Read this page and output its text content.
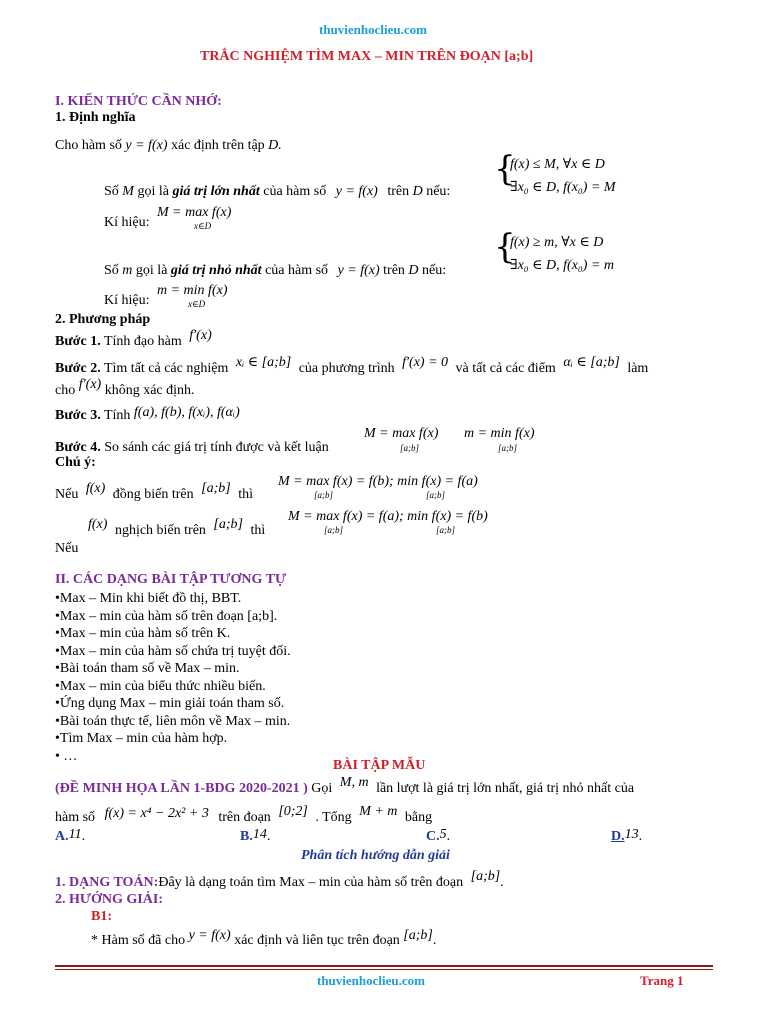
thuvienhoclieu.com
TRẮC NGHIỆM TÌM MAX – MIN TRÊN ĐOẠN [a;b]
I. KIẾN THỨC CẦN NHỚ:
1. Định nghĩa
Cho hàm số y = f(x) xác định trên tập D.
{
f(x) ≤ M, ∀x ∈ D
∃x₀ ∈ D, f(x₀) = M
Số M gọi là giá trị lớn nhất của hàm số y = f(x) trên D nếu:
Kí hiệu:
M = max f(x)
x∈D
{
f(x) ≥ m, ∀x ∈ D
∃x₀ ∈ D, f(x₀) = m
Số m gọi là giá trị nhỏ nhất của hàm số y = f(x) trên D nếu:
Kí hiệu:
m = min f(x)
x∈D
2. Phương pháp
Bước 1. Tính đạo hàm f′(x)
Bước 2. Tìm tất cả các nghiệm xᵢ ∈ [a;b] của phương trình f′(x) = 0 và tất cả các điểm αᵢ ∈ [a;b] làm
cho f′(x) không xác định.
Bước 3. Tính f(a), f(b), f(xᵢ), f(αᵢ)
Bước 4. So sánh các giá trị tính được và kết luận
M = max f(x)
[a;b]
m = min f(x)
[a;b]
Chú ý:
Nếu f(x) đồng biến trên [a;b] thì
M = max f(x) = f(b); min f(x) = f(a)
[a;b]	[a;b]
f(x) nghịch biến trên [a;b] thì
M = max f(x) = f(a); min f(x) = f(b)
[a;b]	[a;b]
Nếu
II. CÁC DẠNG BÀI TẬP TƯƠNG TỰ
•Max – Min khi biết đồ thị, BBT.
•Max – min của hàm số trên đoạn [a;b].
•Max – min của hàm số trên K.
•Max – min của hàm số chứa trị tuyệt đối.
•Bài toán tham số về Max – min.
•Max – min của biểu thức nhiều biến.
•Ứng dụng Max – min giải toán tham số.
•Bài toán thực tế, liên môn về Max – min.
•Tìm Max – min của hàm hợp.
• …
BÀI TẬP MẪU
(ĐỀ MINH HỌA LẦN 1-BDG 2020-2021 ) Gọi M, m lần lượt là giá trị lớn nhất, giá trị nhỏ nhất của
hàm số f(x) = x⁴ − 2x² + 3 trên đoạn [0;2] . Tổng M + m bằng
A.11.	B.14.	C.5.	D.13.
Phân tích hướng dẫn giải
1. DẠNG TOÁN:Đây là dạng toán tìm Max – min của hàm số trên đoạn [a;b].
2. HƯỚNG GIẢI:
B1:
* Hàm số đã cho y = f(x) xác định và liên tục trên đoạn [a;b].
thuvienhoclieu.com	Trang 1
